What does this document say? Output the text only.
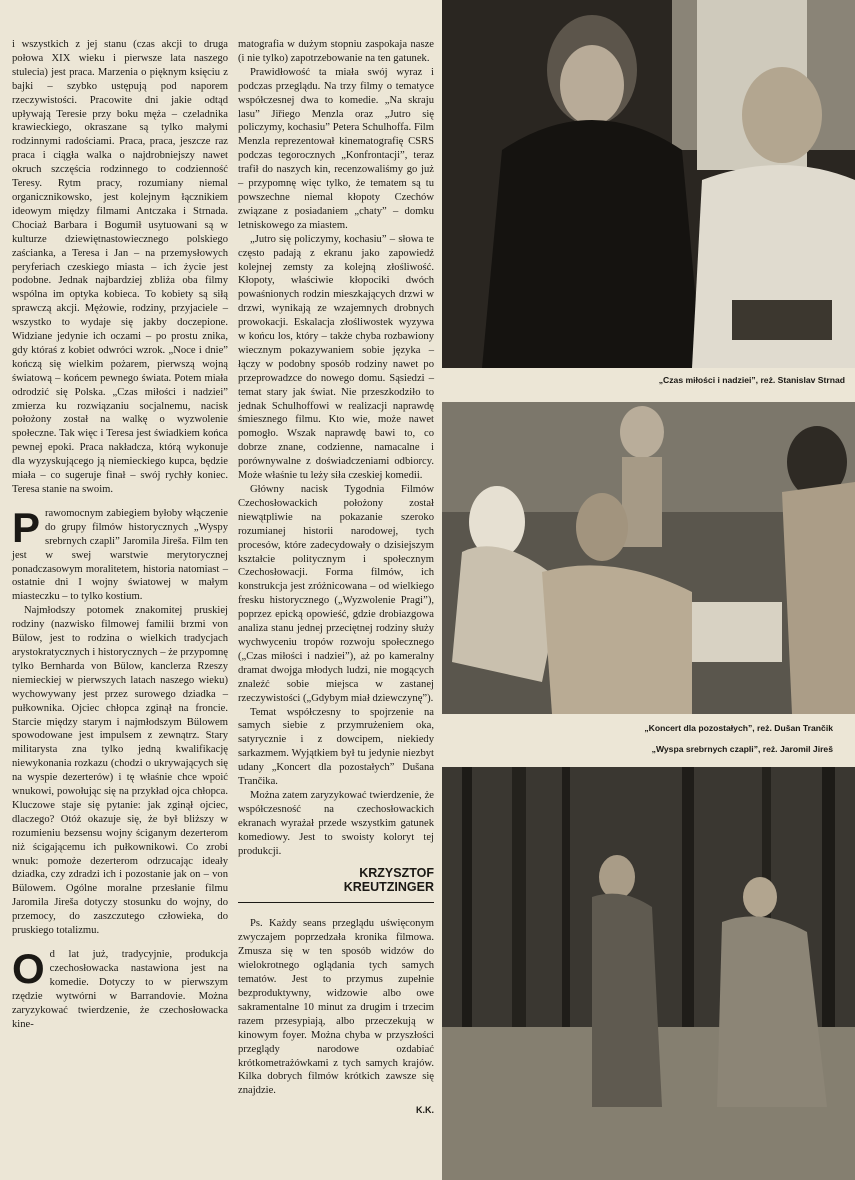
i wszystkich z jej stanu (czas akcji to druga połowa XIX wieku i pierwsze lata naszego stulecia) jest praca. Marzenia o pięknym księciu z bajki – szybko ustępują pod naporem rzeczywistości. Pracowite dni jakie odtąd upływają Teresie przy boku męża – czeladnika krawieckiego, okraszane są tylko małymi rodzinnymi radościami. Praca, praca, jeszcze raz praca i ciągła walka o najdrobniejszy nawet okruch szczęścia rodzinnego to codzienność Teresy. Rytm pracy, rozumiany niemal organicznikowsko, jest kolejnym łącznikiem ideowym między filmami Antczaka i Strnada. Chociaż Barbara i Bogumił usytuowani są w kulturze dziewiętnastowiecznego polskiego zaścianka, a Teresa i Jan – na przemysłowych peryferiach czeskiego miasta – ich życie jest podobne. Jednak najbardziej zbliża oba filmy wspólna im optyka kobieca. To kobiety są siłą sprawczą akcji. Mężowie, rodziny, przyjaciele – wszystko to wydaje się jakby doczepione. Widziane jedynie ich oczami – po prostu znika, gdy któraś z kobiet odwróci wzrok. „Noce i dnie” kończą się wielkim pożarem, pierwszą wojną światową – końcem pewnego świata. Potem miała odrodzić się Polska. „Czas miłości i nadziei” zmierza ku rozwiązaniu socjalnemu, nacisk położony został na walkę o wyzwolenie społeczne. Tak więc i Teresa jest świadkiem końca pewnej epoki. Praca nakładczа, którą wykonuje dla wyzyskującego ją niemieckiego kupca, będzie miała – co sugeruje finał – swój rychły koniec. Teresa stanie na swoim.

Prawomocnym zabiegiem byłoby włączenie do grupy filmów historycznych „Wyspy srebrnych czapli” Jaromila Jireša. Film ten jest w swej warstwie merytorycznej ponadczasowym moralitetem, historia natomiast – ostatnie dni I wojny światowej w małym miasteczku – to tylko kostium.

Najmłodszy potomek znakomitej pruskiej rodziny (nazwisko filmowej familii brzmi von Bülow, jest to rodzina o wielkich tradycjach arystokratycznych i historycznych – że przypomnę tylko Bernharda von Bülow, kanclerza Rzeszy niemieckiej w pierwszych latach naszego wieku) wychowywany jest przez surowego dziadka – pułkownika. Ojciec chłopca zginął na froncie. Starcie między starym i najmłodszym Bülowem spowodowane jest impulsem z zewnątrz. Stary militarysta zna tylko jedną kwalifikację niewykonania rozkazu (chodzi o ukrywających się na wyspie dezerterów) i tę właśnie chce wpoić wnukowi, powołując się na przykład ojca chłopca. Kluczowe staje się pytanie: jak zginął ojciec, dlaczego? Otóż okazuje się, że był bliższy w rozumieniu bezsensu wojny ściganym dezerterom niż ścigającemu ich pułkownikowi. Co zrobi wnuk: pomoże dezerterom odrzucając ideały dziadka, czy zdradzi ich i pozostanie jak on – von Bülowem. Ogólne moralne przesłanie filmu Jaromila Jireša dotyczy stosunku do wojny, do przemocy, do zaszczutego człowieka, do pruskiego totalizmu.

Od lat już, tradycyjnie, produkcja czechosłowacka nastawiona jest na komedie. Dotyczy to w pierwszym rzędzie wytwórni w Barrandovie. Można zaryzykować twierdzenie, że czechosłowacka kine-

matografia w dużym stopniu zaspokaja nasze (i nie tylko) zapotrzebowanie na ten gatunek.

Prawidłowość ta miała swój wyraz i podczas przeglądu. Na trzy filmy o tematyce współczesnej dwa to komedie. „Na skraju lasu” Jiřiego Menzla oraz „Jutro się policzymy, kochasiu” Petera Schulhoffa. Film Menzla reprezentował kinematografię CSRS podczas tegorocznych „Konfrontacji”, teraz trafił do naszych kin, recenzowaliśmy go już – przypomnę więc tylko, że tematem są tu powszechne niemal kłopoty Czechów związane z posiadaniem „chaty” – domku letniskowego za miastem.

„Jutro się policzymy, kochasiu” – słowa te często padają z ekranu jako zapowiedź kolejnej zemsty za kolejną złośliwość. Kłopoty, właściwie kłopociki dwóch powaśnionych rodzin mieszkających drzwi w drzwi, wynikają ze wzajemnych drobnych prowokacji. Eskalacja złośliwostek wyzywa w końcu los, który – także chyba rozbawiony wiecznym pokazywaniem sobie języka – łączy w podobny sposób rodziny nawet po przeprowadzce do nowego domu. Sąsiedzi – temat stary jak świat. Nie przeszkodziło to jednak Schulhoffowi w realizacji naprawdę śmiesznego filmu. Kto wie, może nawet pomogło. Wszak naprawdę bawi to, co dobrze znane, codzienne, namacalne i porównywalne z doświadczeniami odbiorcy. Może właśnie tu leży siła czeskiej komedii.

Główny nacisk Tygodnia Filmów Czechosłowackich położony został niewątpliwie na pokazanie szeroko rozumianej historii narodowej, tych procesów, które zadecydowały o dzisiejszym kształcie politycznym i społecznym Czechosłowacji. Forma filmów, ich konstrukcja jest zróżnicowana – od wielkiego fresku historycznego („Wyzwolenie Pragi”), poprzez epicką opowieść, gdzie drobiazgowa analiza stanu jednej przeciętnej rodziny służy wychwyceniu tropów rozwoju społecznego („Czas miłości i nadziei”), aż po kameralny dramat dwojga młodych ludzi, nie mogących znaleźć sobie miejsca w zastanej rzeczywistości („Gdybym miał dziewczynę”).

Temat współczesny to spojrzenie na samych siebie z przymrużeniem oka, satyrycznie i z dowcipem, niekiedy sarkazmem. Wyjątkiem był tu jedynie niezbyt udany „Koncert dla pozostałych” Dušana Trančika.

Można zatem zaryzykować twierdzenie, że współczesność na czechosłowackich ekranach wyrażał przede wszystkim gatunek komediowy. Jest to swoisty koloryt tej produkcji.

KRZYSZTOF
KREUTZINGER

Ps. Każdy seans przeglądu uświęconym zwyczajem poprzedzała kronika filmowa. Zmusza się w ten sposób widzów do wielokrotnego oglądania tych samych tematów. Jest to przymus zupełnie bezproduktywny, widzowie albo owe sakramentalne 10 minut za drugim i trzecim razem przesypiają, albo przeczekują w kinowym foyer. Można chyba w przyszłości przeglądy narodowe ozdabiać krótkometrażówkami z tych samych krajów. Kilka dobrych filmów krótkich zawsze się znajdzie.

K.K.
„Czas miłości i nadziei”, reż. Stanislav Strnad
„Koncert dla pozostałych”, reż. Dušan Trančik
„Wyspa srebrnych czapli”, reż. Jaromil Jireš
